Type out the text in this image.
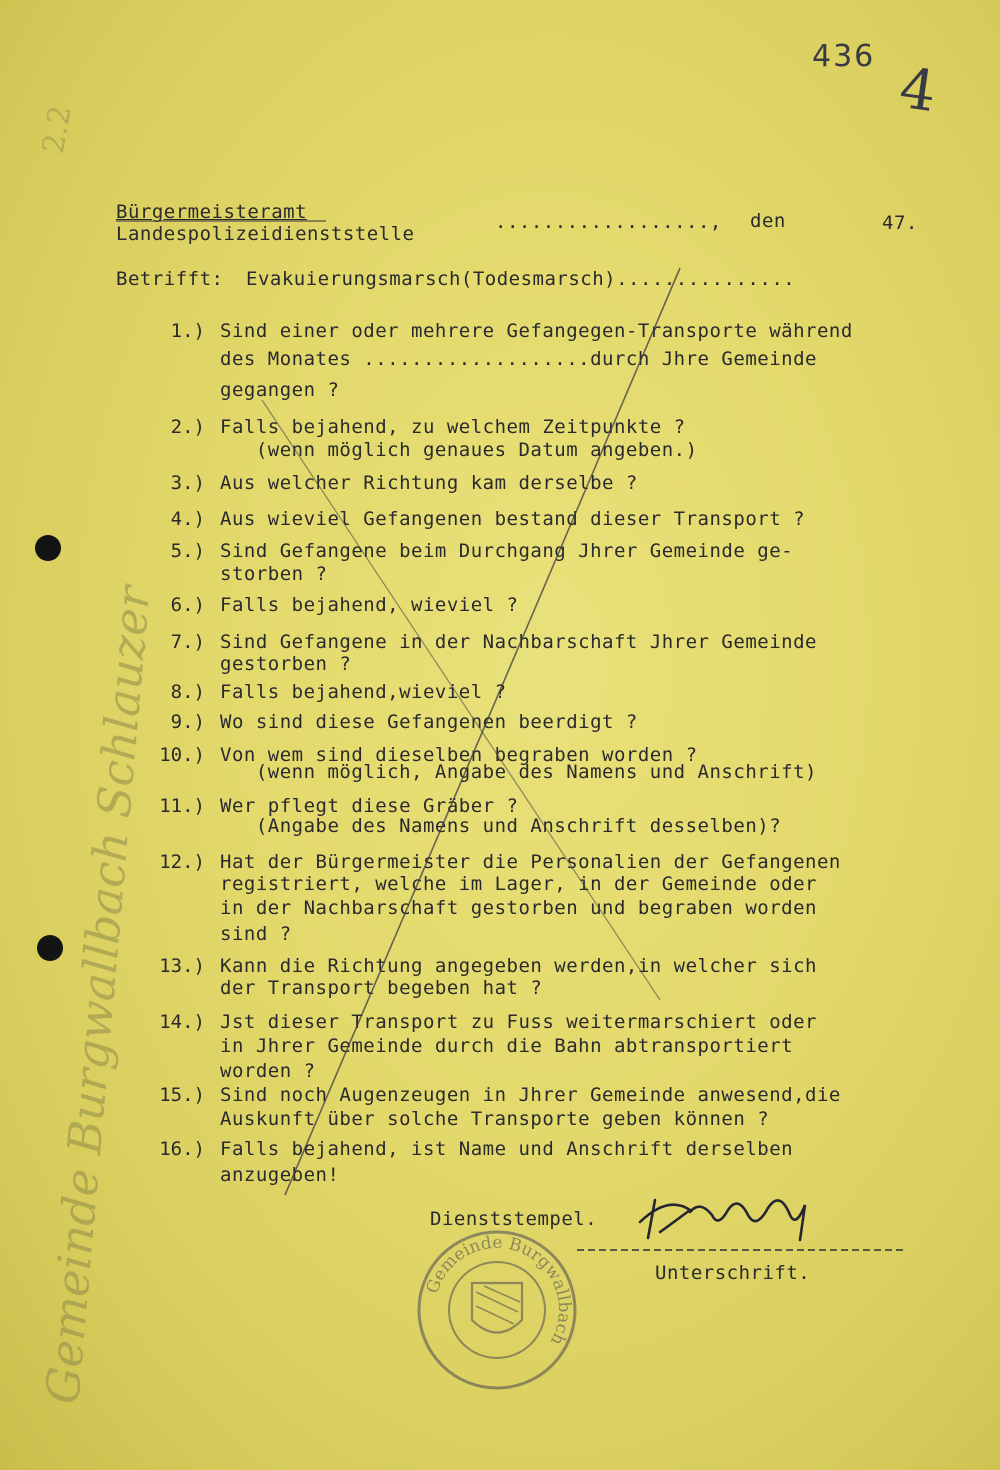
436 4
2.2
Bürgermeisteramt
Landespolizeidienststelle
.................., den	47.
Betrifft: Evakuierungsmarsch(Todesmarsch)...............
1.) Sind einer oder mehrere Gefangegen-Transporte während
des Monates ...................durch Jhre Gemeinde
gegangen ?
2.) Falls bejahend, zu welchem Zeitpunkte ?
(wenn möglich genaues Datum angeben.)
3.) Aus welcher Richtung kam derselbe ?
4.) Aus wieviel Gefangenen bestand dieser Transport ?
5.) Sind Gefangene beim Durchgang Jhrer Gemeinde ge-
storben ?
6.) Falls bejahend, wieviel ?
7.) Sind Gefangene in der Nachbarschaft Jhrer Gemeinde
gestorben ?
8.) Falls bejahend,wieviel ?
9.) Wo sind diese Gefangenen beerdigt ?
10.) Von wem sind dieselben begraben worden ?
(wenn möglich, Angabe des Namens und Anschrift)
11.) Wer pflegt diese Gräber ?
(Angabe des Namens und Anschrift desselben)?
12.) Hat der Bürgermeister die Personalien der Gefangenen
registriert, welche im Lager, in der Gemeinde oder
in der Nachbarschaft gestorben und begraben worden
sind ?
13.) Kann die Richtung angegeben werden,in welcher sich
der Transport begeben hat ?
14.) Jst dieser Transport zu Fuss weitermarschiert oder
in Jhrer Gemeinde durch die Bahn abtransportiert
worden ?
15.) Sind noch Augenzeugen in Jhrer Gemeinde anwesend,die
Auskunft über solche Transporte geben können ?
16.) Falls bejahend, ist Name und Anschrift derselben
anzugeben!
Dienststempel.
Unterschrift.
Gemeinde Burgwallbach
Gemeinde Burgwallbach Schlauzer
